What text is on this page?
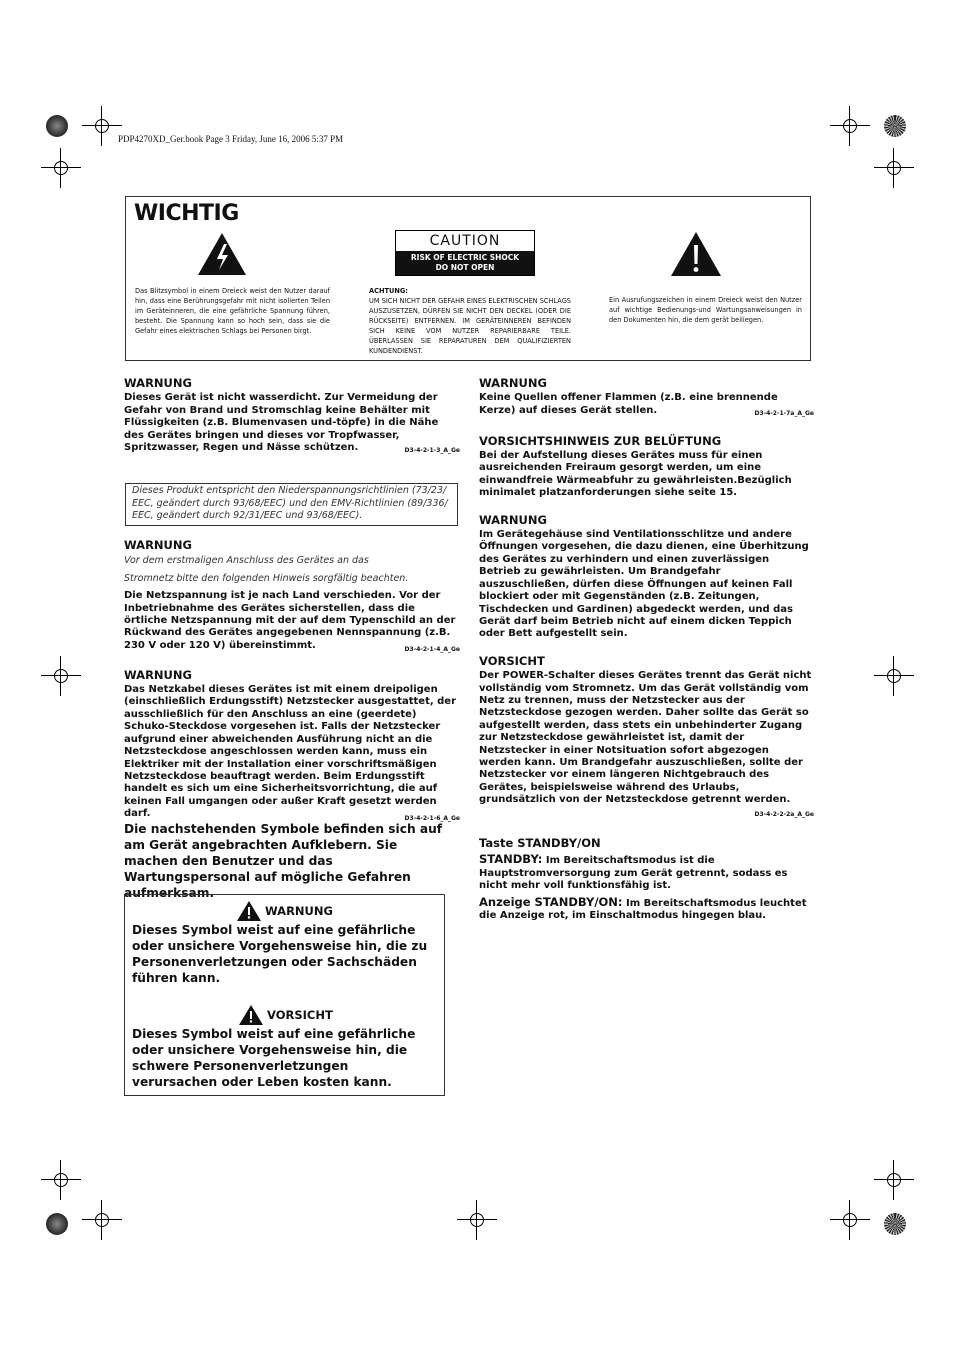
PDP4270XD_Ger.book Page 3 Friday, June 16, 2006 5:37 PM
WICHTIG
CAUTION
RISK OF ELECTRIC SHOCK
DO NOT OPEN
Das Blitzsymbol in einem Dreieck weist den Nutzer darauf hin, dass eine Berührungsgefahr mit nicht isolierten Teilen im Geräteinneren, die eine gefährliche Spannung führen, besteht. Die Spannung kann so hoch sein, dass sie die Gefahr eines elektrischen Schlags bei Personen birgt.
ACHTUNG:
UM SICH NICHT DER GEFAHR EINES ELEKTRISCHEN SCHLAGS AUSZUSETZEN, DÜRFEN SIE NICHT DEN DECKEL (ODER DIE RÜCKSEITE) ENTFERNEN. IM GERÄTEINNEREN BEFINDEN SICH KEINE VOM NUTZER REPARIERBARE TEILE. ÜBERLASSEN SIE REPARATUREN DEM QUALIFIZIERTEN KUNDENDIENST.
Ein Ausrufungszeichen in einem Dreieck weist den Nutzer auf wichtige Bedienungs-und Wartungsanweisungen in den Dokumenten hin, die dem gerät beiliegen.
WARNUNG
Dieses Gerät ist nicht wasserdicht. Zur Vermeidung der Gefahr von Brand und Stromschlag keine Behälter mit Flüssigkeiten (z.B. Blumenvasen und-töpfe) in die Nähe des Gerätes bringen und dieses vor Tropfwasser, Spritzwasser, Regen und Nässe schützen.	D3-4-2-1-3_A_Ge
Dieses Produkt entspricht den Niederspannungsrichtlinien (73/23/ EEC, geändert durch 93/68/EEC) und den EMV-Richtlinien (89/336/ EEC, geändert durch 92/31/EEC und 93/68/EEC).
WARNUNG
Vor dem erstmaligen Anschluss des Gerätes an das
Stromnetz bitte den folgenden Hinweis sorgfältig beachten.
Die Netzspannung ist je nach Land verschieden. Vor der Inbetriebnahme des Gerätes sicherstellen, dass die örtliche Netzspannung mit der auf dem Typenschild an der Rückwand des Gerätes angegebenen Nennspannung (z.B. 230 V oder 120 V) übereinstimmt.	D3-4-2-1-4_A_Ge
WARNUNG
Das Netzkabel dieses Gerätes ist mit einem dreipoligen (einschließlich Erdungsstift) Netzstecker ausgestattet, der ausschließlich für den Anschluss an eine (geerdete) Schuko-Steckdose vorgesehen ist. Falls der Netzstecker aufgrund einer abweichenden Ausführung nicht an die Netzsteckdose angeschlossen werden kann, muss ein Elektriker mit der Installation einer vorschriftsmäßigen Netzsteckdose beauftragt werden. Beim Erdungsstift handelt es sich um eine Sicherheitsvorrichtung, die auf keinen Fall umgangen oder außer Kraft gesetzt werden darf.	D3-4-2-1-6_A_Ge
Die nachstehenden Symbole befinden sich auf am Gerät angebrachten Aufklebern. Sie machen den Benutzer und das Wartungspersonal auf mögliche Gefahren aufmerksam.
WARNUNG
Dieses Symbol weist auf eine gefährliche oder unsichere Vorgehensweise hin, die zu Personenverletzungen oder Sachschäden führen kann.
VORSICHT
Dieses Symbol weist auf eine gefährliche oder unsichere Vorgehensweise hin, die schwere Personenverletzungen verursachen oder Leben kosten kann.
WARNUNG
Keine Quellen offener Flammen (z.B. eine brennende Kerze) auf dieses Gerät stellen.	D3-4-2-1-7a_A_Ge
VORSICHTSHINWEIS ZUR BELÜFTUNG
Bei der Aufstellung dieses Gerätes muss für einen ausreichenden Freiraum gesorgt werden, um eine einwandfreie Wärmeabfuhr zu gewährleisten.Bezüglich minimalet platzanforderungen siehe seite 15.
WARNUNG
Im Gerätegehäuse sind Ventilationsschlitze und andere Öffnungen vorgesehen, die dazu dienen, eine Überhitzung des Gerätes zu verhindern und einen zuverlässigen Betrieb zu gewährleisten. Um Brandgefahr auszuschließen, dürfen diese Öffnungen auf keinen Fall blockiert oder mit Gegenständen (z.B. Zeitungen, Tischdecken und Gardinen) abgedeckt werden, und das Gerät darf beim Betrieb nicht auf einem dicken Teppich oder Bett aufgestellt sein.
VORSICHT
Der POWER-Schalter dieses Gerätes trennt das Gerät nicht vollständig vom Stromnetz. Um das Gerät vollständig vom Netz zu trennen, muss der Netzstecker aus der Netzsteckdose gezogen werden. Daher sollte das Gerät so aufgestellt werden, dass stets ein unbehinderter Zugang zur Netzsteckdose gewährleistet ist, damit der Netzstecker in einer Notsituation sofort abgezogen werden kann. Um Brandgefahr auszuschließen, sollte der Netzstecker vor einem längeren Nichtgebrauch des Gerätes, beispielsweise während des Urlaubs, grundsätzlich von der Netzsteckdose getrennt werden.
D3-4-2-2-2a_A_Ge
Taste STANDBY/ON
STANDBY: Im Bereitschaftsmodus ist die Hauptstromversorgung zum Gerät getrennt, sodass es nicht mehr voll funktionsfähig ist.
Anzeige STANDBY/ON: Im Bereitschaftsmodus leuchtet die Anzeige rot, im Einschaltmodus hingegen blau.
